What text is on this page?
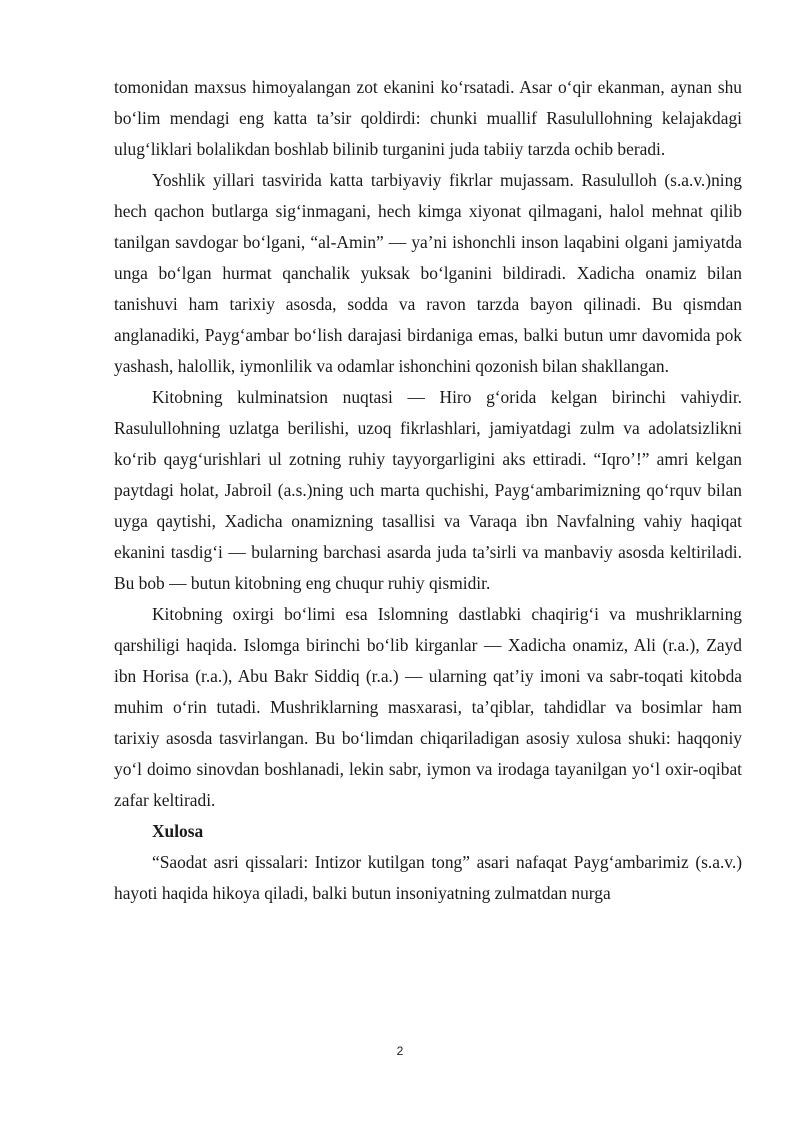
tomonidan maxsus himoyalangan zot ekanini ko‘rsatadi. Asar o‘qir ekanman, aynan shu bo‘lim mendagi eng katta ta’sir qoldirdi: chunki muallif Rasulullohning kelajakdagi ulug‘liklari bolalikdan boshlab bilinib turganini juda tabiiy tarzda ochib beradi.

Yoshlik yillari tasvirida katta tarbiyaviy fikrlar mujassam. Rasululloh (s.a.v.)ning hech qachon butlarga sig‘inmagani, hech kimga xiyonat qilmagani, halol mehnat qilib tanilgan savdogar bo‘lgani, “al-Amin” — ya’ni ishonchli inson laqabini olgani jamiyatda unga bo‘lgan hurmat qanchalik yuksak bo‘lganini bildiradi. Xadicha onamiz bilan tanishuvi ham tarixiy asosda, sodda va ravon tarzda bayon qilinadi. Bu qismdan anglanadiki, Payg‘ambar bo‘lish darajasi birdaniga emas, balki butun umr davomida pok yashash, halollik, iymonlilik va odamlar ishonchini qozonish bilan shakllangan.

Kitobning kulminatsion nuqtasi — Hiro g‘orida kelgan birinchi vahiydir. Rasulullohning uzlatga berilishi, uzoq fikrlashlari, jamiyatdagi zulm va adolatsizlikni ko‘rib qayg‘urishlari ul zotning ruhiy tayyorgarligini aks ettiradi. “Iqro’!” amri kelgan paytdagi holat, Jabroil (a.s.)ning uch marta quchishi, Payg‘ambarimizning qo‘rquv bilan uyga qaytishi, Xadicha onamizning tasallisi va Varaqa ibn Navfalning vahiy haqiqat ekanini tasdig‘i — bularning barchasi asarda juda ta’sirli va manbaviy asosda keltiriladi. Bu bob — butun kitobning eng chuqur ruhiy qismidir.

Kitobning oxirgi bo‘limi esa Islomning dastlabki chaqirig‘i va mushriklarning qarshiligi haqida. Islomga birinchi bo‘lib kirganlar — Xadicha onamiz, Ali (r.a.), Zayd ibn Horisa (r.a.), Abu Bakr Siddiq (r.a.) — ularning qat’iy imoni va sabr-toqati kitobda muhim o‘rin tutadi. Mushriklarning masxarasi, ta’qiblar, tahdidlar va bosimlar ham tarixiy asosda tasvirlangan. Bu bo‘limdan chiqariladigan asosiy xulosa shuki: haqqoniy yo‘l doimo sinovdan boshlanadi, lekin sabr, iymon va irodaga tayanilgan yo‘l oxir-oqibat zafar keltiradi.

Xulosa

“Saodat asri qissalari: Intizor kutilgan tong” asari nafaqat Payg‘ambarimiz (s.a.v.) hayoti haqida hikoya qiladi, balki butun insoniyatning zulmatdan nurga

2
